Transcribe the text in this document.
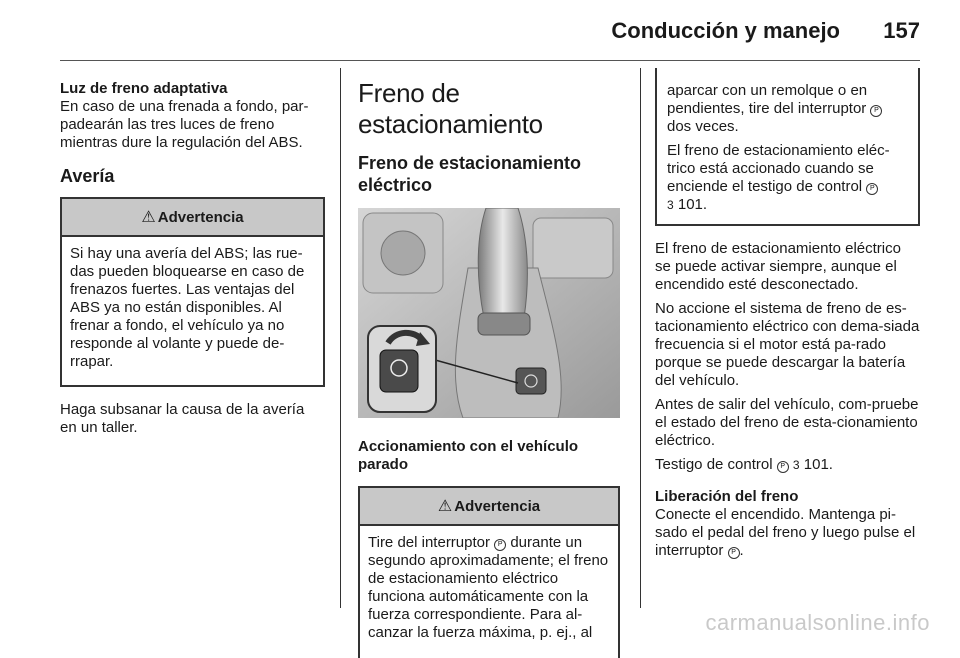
Conducción y manejo 157
Luz de freno adaptativa

En caso de una frenada a fondo, par-padearán las tres luces de freno mientras dure la regulación del ABS.

Avería
⚠ Advertencia

Si hay una avería del ABS; las rue-das pueden bloquearse en caso de frenazos fuertes. Las ventajas del ABS ya no están disponibles. Al frenar a fondo, el vehículo ya no responde al volante y puede de-rrapar.

Haga subsanar la causa de la avería en un taller.

Freno de estacionamiento
Freno de estacionamiento eléctrico
Accionamiento con el vehículo parado
⚠ Advertencia

Tire del interruptor P durante un segundo aproximadamente; el freno de estacionamiento eléctrico funciona automáticamente con la fuerza correspondiente. Para al-canzar la fuerza máxima, p. ej., al

aparcar con un remolque o en pendientes, tire del interruptor P
dos veces.

El freno de estacionamiento eléc-trico está accionado cuando se enciende el testigo de control P
3 101.

El freno de estacionamiento eléctrico se puede activar siempre, aunque el encendido esté desconectado.

No accione el sistema de freno de es-tacionamiento eléctrico con dema-siada frecuencia si el motor está pa-rado porque se puede descargar la batería del vehículo.

Antes de salir del vehículo, com-pruebe el estado del freno de esta-cionamiento eléctrico.

Testigo de control P 3 101.

Liberación del freno

Conecte el encendido. Mantenga pi-sado el pedal del freno y luego pulse el interruptor P .

carmanualsonline.info
